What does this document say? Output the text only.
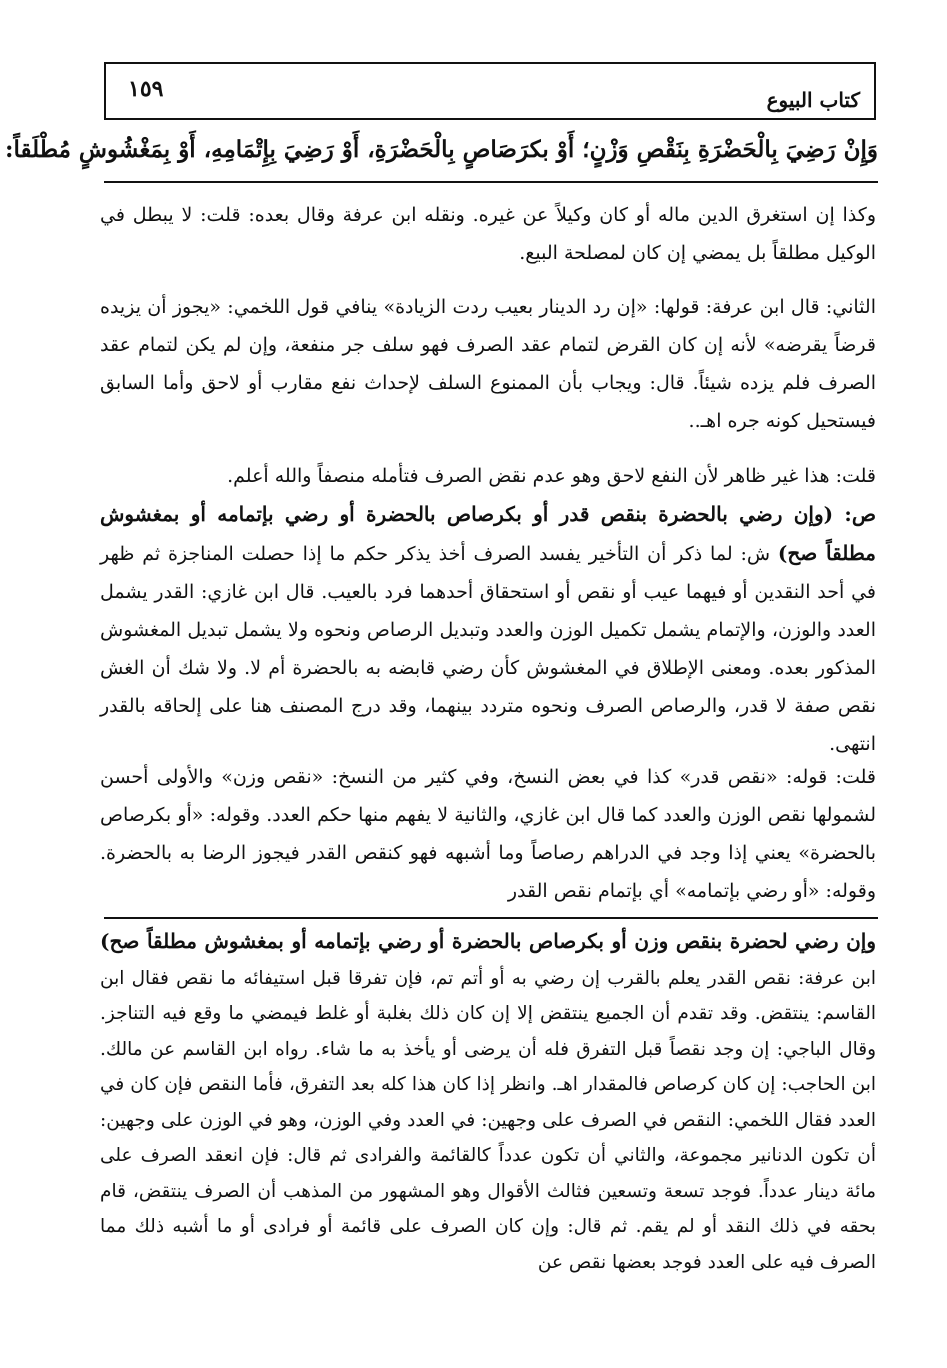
كتاب البيوع
١٥٩
وَإِنْ رَضِيَ بِالْحَضْرَةِ بِنَقْصِ وَزْنٍ؛ أَوْ بكرَصَاصٍ بِالْحَضْرَةِ، أَوْ رَضِيَ بِإِتْمَامِهِ، أَوْ بِمَغْشُوشٍ مُطْلَقاً:

وكذا إن استغرق الدين ماله أو كان وكيلاً عن غيره. ونقله ابن عرفة وقال بعده: قلت: لا يبطل في الوكيل مطلقاً بل يمضي إن كان لمصلحة البيع.

الثاني: قال ابن عرفة: قولها: «إن رد الدينار بعيب ردت الزيادة» ينافي قول اللخمي: «يجوز أن يزيده قرضاً يقرضه» لأنه إن كان القرض لتمام عقد الصرف فهو سلف جر منفعة، وإن لم يكن لتمام عقد الصرف فلم يزده شيئاً. قال: ويجاب بأن الممنوع السلف لإحداث نفع مقارب أو لاحق وأما السابق فيستحيل كونه جره اهـ..

قلت: هذا غير ظاهر لأن النفع لاحق وهو عدم نقض الصرف فتأمله منصفاً والله أعلم.

ص: (وإن رضي بالحضرة بنقص قدر أو بكرصاص بالحضرة أو رضي بإتمامه أو بمغشوش مطلقاً صح) ش: لما ذكر أن التأخير يفسد الصرف أخذ يذكر حكم ما إذا حصلت المناجزة ثم ظهر في أحد النقدين أو فيهما عيب أو نقص أو استحقاق أحدهما فرد بالعيب. قال ابن غازي: القدر يشمل العدد والوزن، والإتمام يشمل تكميل الوزن والعدد وتبديل الرصاص ونحوه ولا يشمل تبديل المغشوش المذكور بعده. ومعنى الإطلاق في المغشوش كأن رضي قابضه به بالحضرة أم لا. ولا شك أن الغش نقص صفة لا قدر، والرصاص الصرف ونحوه متردد بينهما، وقد درج المصنف هنا على إلحاقه بالقدر انتهى.

قلت: قوله: «نقص قدر» كذا في بعض النسخ، وفي كثير من النسخ: «نقص وزن» والأولى أحسن لشمولها نقص الوزن والعدد كما قال ابن غازي، والثانية لا يفهم منها حكم العدد. وقوله: «أو بكرصاص بالحضرة» يعني إذا وجد في الدراهم رصاصاً وما أشبهه فهو كنقص القدر فيجوز الرضا به بالحضرة. وقوله: «أو رضي بإتمامه» أي بإتمام نقص القدر

وإن رضي لحضرة بنقص وزن أو بكرصاص بالحضرة أو رضي بإتمامه أو بمغشوش مطلقاً صح) ابن عرفة: نقص القدر يعلم بالقرب إن رضي به أو أتم تم، فإن تفرقا قبل استيفائه ما نقص فقال ابن القاسم: ينتقض. وقد تقدم أن الجميع ينتقض إلا إن كان ذلك بغلبة أو غلط فيمضي ما وقع فيه التناجز. وقال الباجي: إن وجد نقصاً قبل التفرق فله أن يرضى أو يأخذ به ما شاء. رواه ابن القاسم عن مالك. ابن الحاجب: إن كان كرصاص فالمقدار اهـ. وانظر إذا كان هذا كله بعد التفرق، فأما النقص فإن كان في العدد فقال اللخمي: النقص في الصرف على وجهين: في العدد وفي الوزن، وهو في الوزن على وجهين: أن تكون الدنانير مجموعة، والثاني أن تكون عدداً كالقائمة والفرادى ثم قال: فإن انعقد الصرف على مائة دينار عدداً. فوجد تسعة وتسعين فثالث الأقوال وهو المشهور من المذهب أن الصرف ينتقض، قام بحقه في ذلك النقد أو لم يقم. ثم قال: وإن كان الصرف على قائمة أو فرادى أو ما أشبه ذلك مما الصرف فيه على العدد فوجد بعضها نقص عن
